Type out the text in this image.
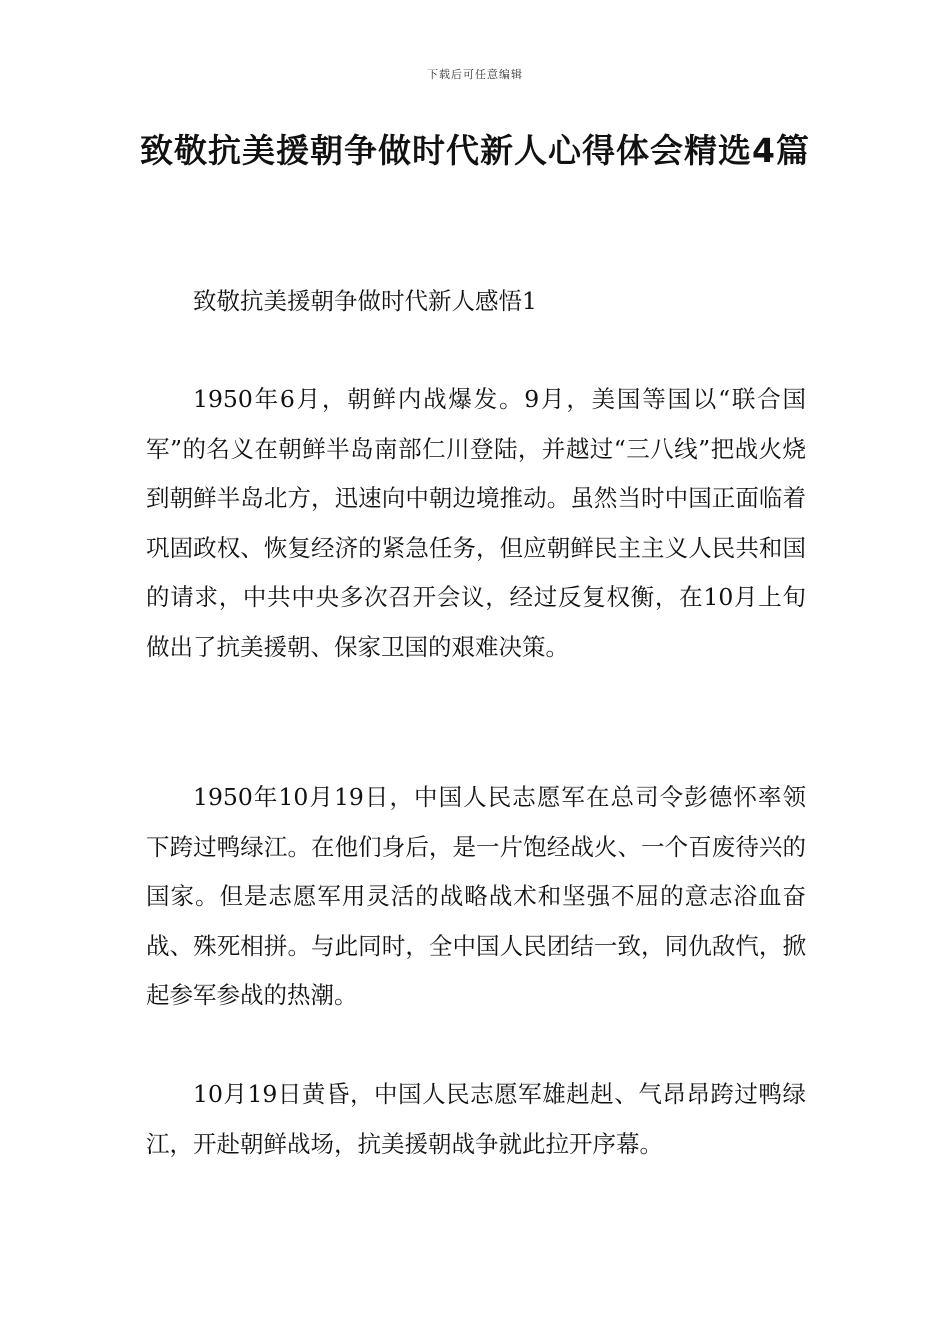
下载后可任意编辑
致敬抗美援朝争做时代新人心得体会精选4篇

致敬抗美援朝争做时代新人感悟1

1950年6月，朝鲜内战爆发。9月，美国等国以“联合国军”的名义在朝鲜半岛南部仁川登陆，并越过“三八线”把战火烧到朝鲜半岛北方，迅速向中朝边境推动。虽然当时中国正面临着巩固政权、恢复经济的紧急任务，但应朝鲜民主主义人民共和国的请求，中共中央多次召开会议，经过反复权衡，在10月上旬做出了抗美援朝、保家卫国的艰难决策。

1950年10月19日，中国人民志愿军在总司令彭德怀率领下跨过鸭绿江。在他们身后，是一片饱经战火、一个百废待兴的国家。但是志愿军用灵活的战略战术和坚强不屈的意志浴血奋战、殊死相拼。与此同时，全中国人民团结一致，同仇敌忾，掀起参军参战的热潮。

10月19日黄昏，中国人民志愿军雄赳赳、气昂昂跨过鸭绿江，开赴朝鲜战场，抗美援朝战争就此拉开序幕。
